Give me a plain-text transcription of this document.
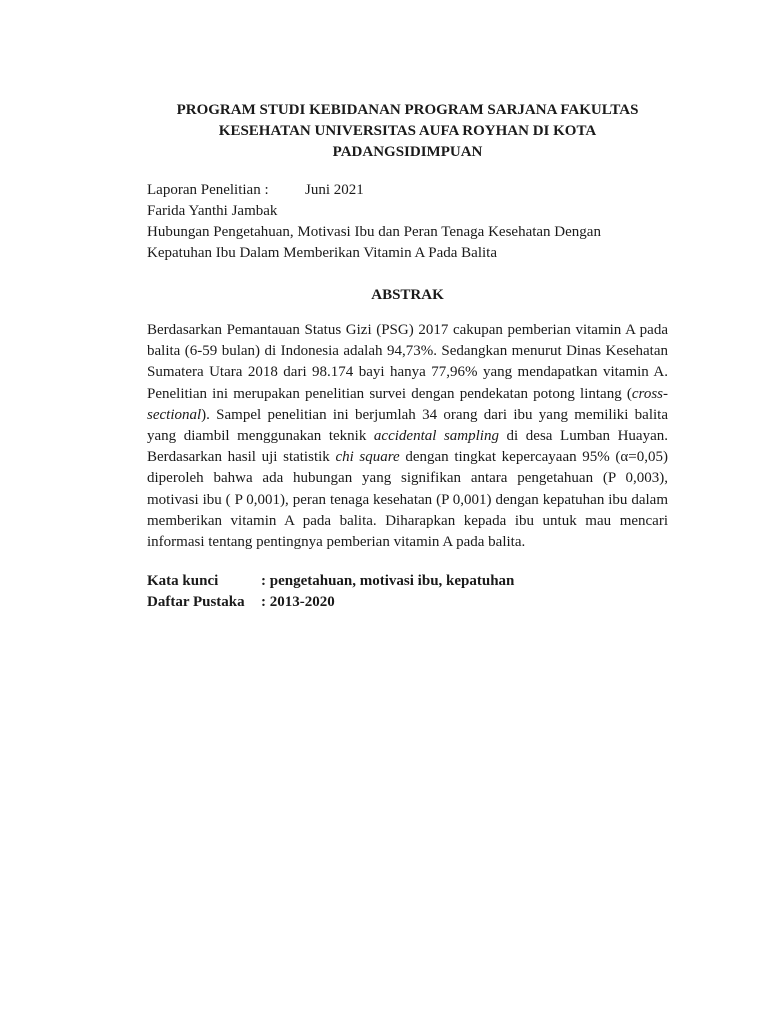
PROGRAM STUDI KEBIDANAN PROGRAM SARJANA FAKULTAS KESEHATAN UNIVERSITAS AUFA ROYHAN DI KOTA PADANGSIDIMPUAN

Laporan Penelitian :	Juni 2021
Farida Yanthi Jambak
Hubungan Pengetahuan, Motivasi Ibu dan Peran Tenaga Kesehatan Dengan Kepatuhan Ibu Dalam Memberikan Vitamin A Pada Balita
ABSTRAK
Berdasarkan Pemantauan Status Gizi (PSG) 2017 cakupan pemberian vitamin A pada balita (6-59 bulan) di Indonesia adalah 94,73%. Sedangkan menurut Dinas Kesehatan Sumatera Utara 2018 dari 98.174 bayi hanya 77,96% yang mendapatkan vitamin A. Penelitian ini merupakan penelitian survei dengan pendekatan potong lintang (cross-sectional). Sampel penelitian ini berjumlah 34 orang dari ibu yang memiliki balita yang diambil menggunakan teknik accidental sampling di desa Lumban Huayan. Berdasarkan hasil uji statistik chi square dengan tingkat kepercayaan 95% (α=0,05) diperoleh bahwa ada hubungan yang signifikan antara pengetahuan (P 0,003), motivasi ibu ( P 0,001), peran tenaga kesehatan (P 0,001) dengan kepatuhan ibu dalam memberikan vitamin A pada balita. Diharapkan kepada ibu untuk mau mencari informasi tentang pentingnya pemberian vitamin A pada balita.
Kata kunci	: pengetahuan, motivasi ibu, kepatuhan
Daftar Pustaka	: 2013-2020
